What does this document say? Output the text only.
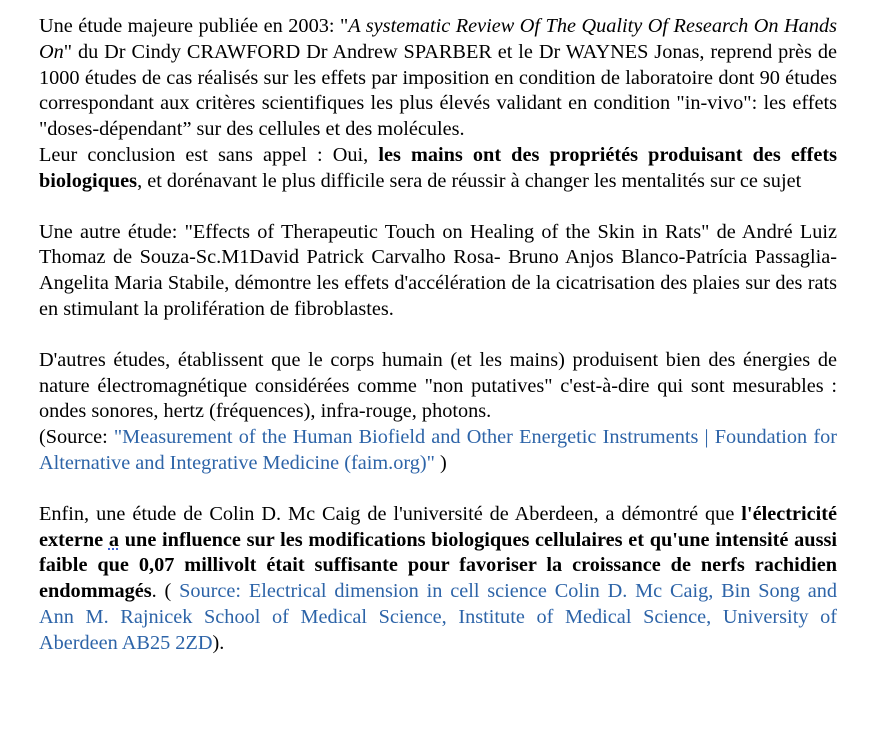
Une étude majeure publiée en 2003: "A systematic Review Of The Quality Of Research On Hands On" du Dr Cindy CRAWFORD Dr Andrew SPARBER et le Dr WAYNES Jonas, reprend près de 1000 études de cas réalisés sur les effets par imposition en condition de laboratoire dont 90 études correspondant aux critères scientifiques les plus élevés validant en condition "in-vivo": les effets "doses-dépendant” sur des cellules et des molécules.

Leur conclusion est sans appel : Oui, les mains ont des propriétés produisant des effets biologiques, et dorénavant le plus difficile sera de réussir à changer les mentalités sur ce sujet

Une autre étude: "Effects of Therapeutic Touch on Healing of the Skin in Rats" de André Luiz Thomaz de Souza-Sc.M1David Patrick Carvalho Rosa- Bruno Anjos Blanco-Patrícia Passaglia-Angelita Maria Stabile, démontre les effets d'accélération de la cicatrisation des plaies sur des rats en stimulant la prolifération de fibroblastes.

D'autres études, établissent que le corps humain (et les mains) produisent bien des énergies de nature électromagnétique considérées comme "non putatives" c'est-à-dire qui sont mesurables : ondes sonores, hertz (fréquences), infra-rouge, photons.
(Source: "Measurement of the Human Biofield and Other Energetic Instruments | Foundation for Alternative and Integrative Medicine (faim.org)" )

Enfin, une étude de Colin D. Mc Caig de l'université de Aberdeen, a démontré que l'électricité externe a une influence sur les modifications biologiques cellulaires et qu'une intensité aussi faible que 0,07 millivolt était suffisante pour favoriser la croissance de nerfs rachidien endommagés. ( Source: Electrical dimension in cell science Colin D. Mc Caig, Bin Song and Ann M. Rajnicek School of Medical Science, Institute of Medical Science, University of Aberdeen AB25 2ZD).
